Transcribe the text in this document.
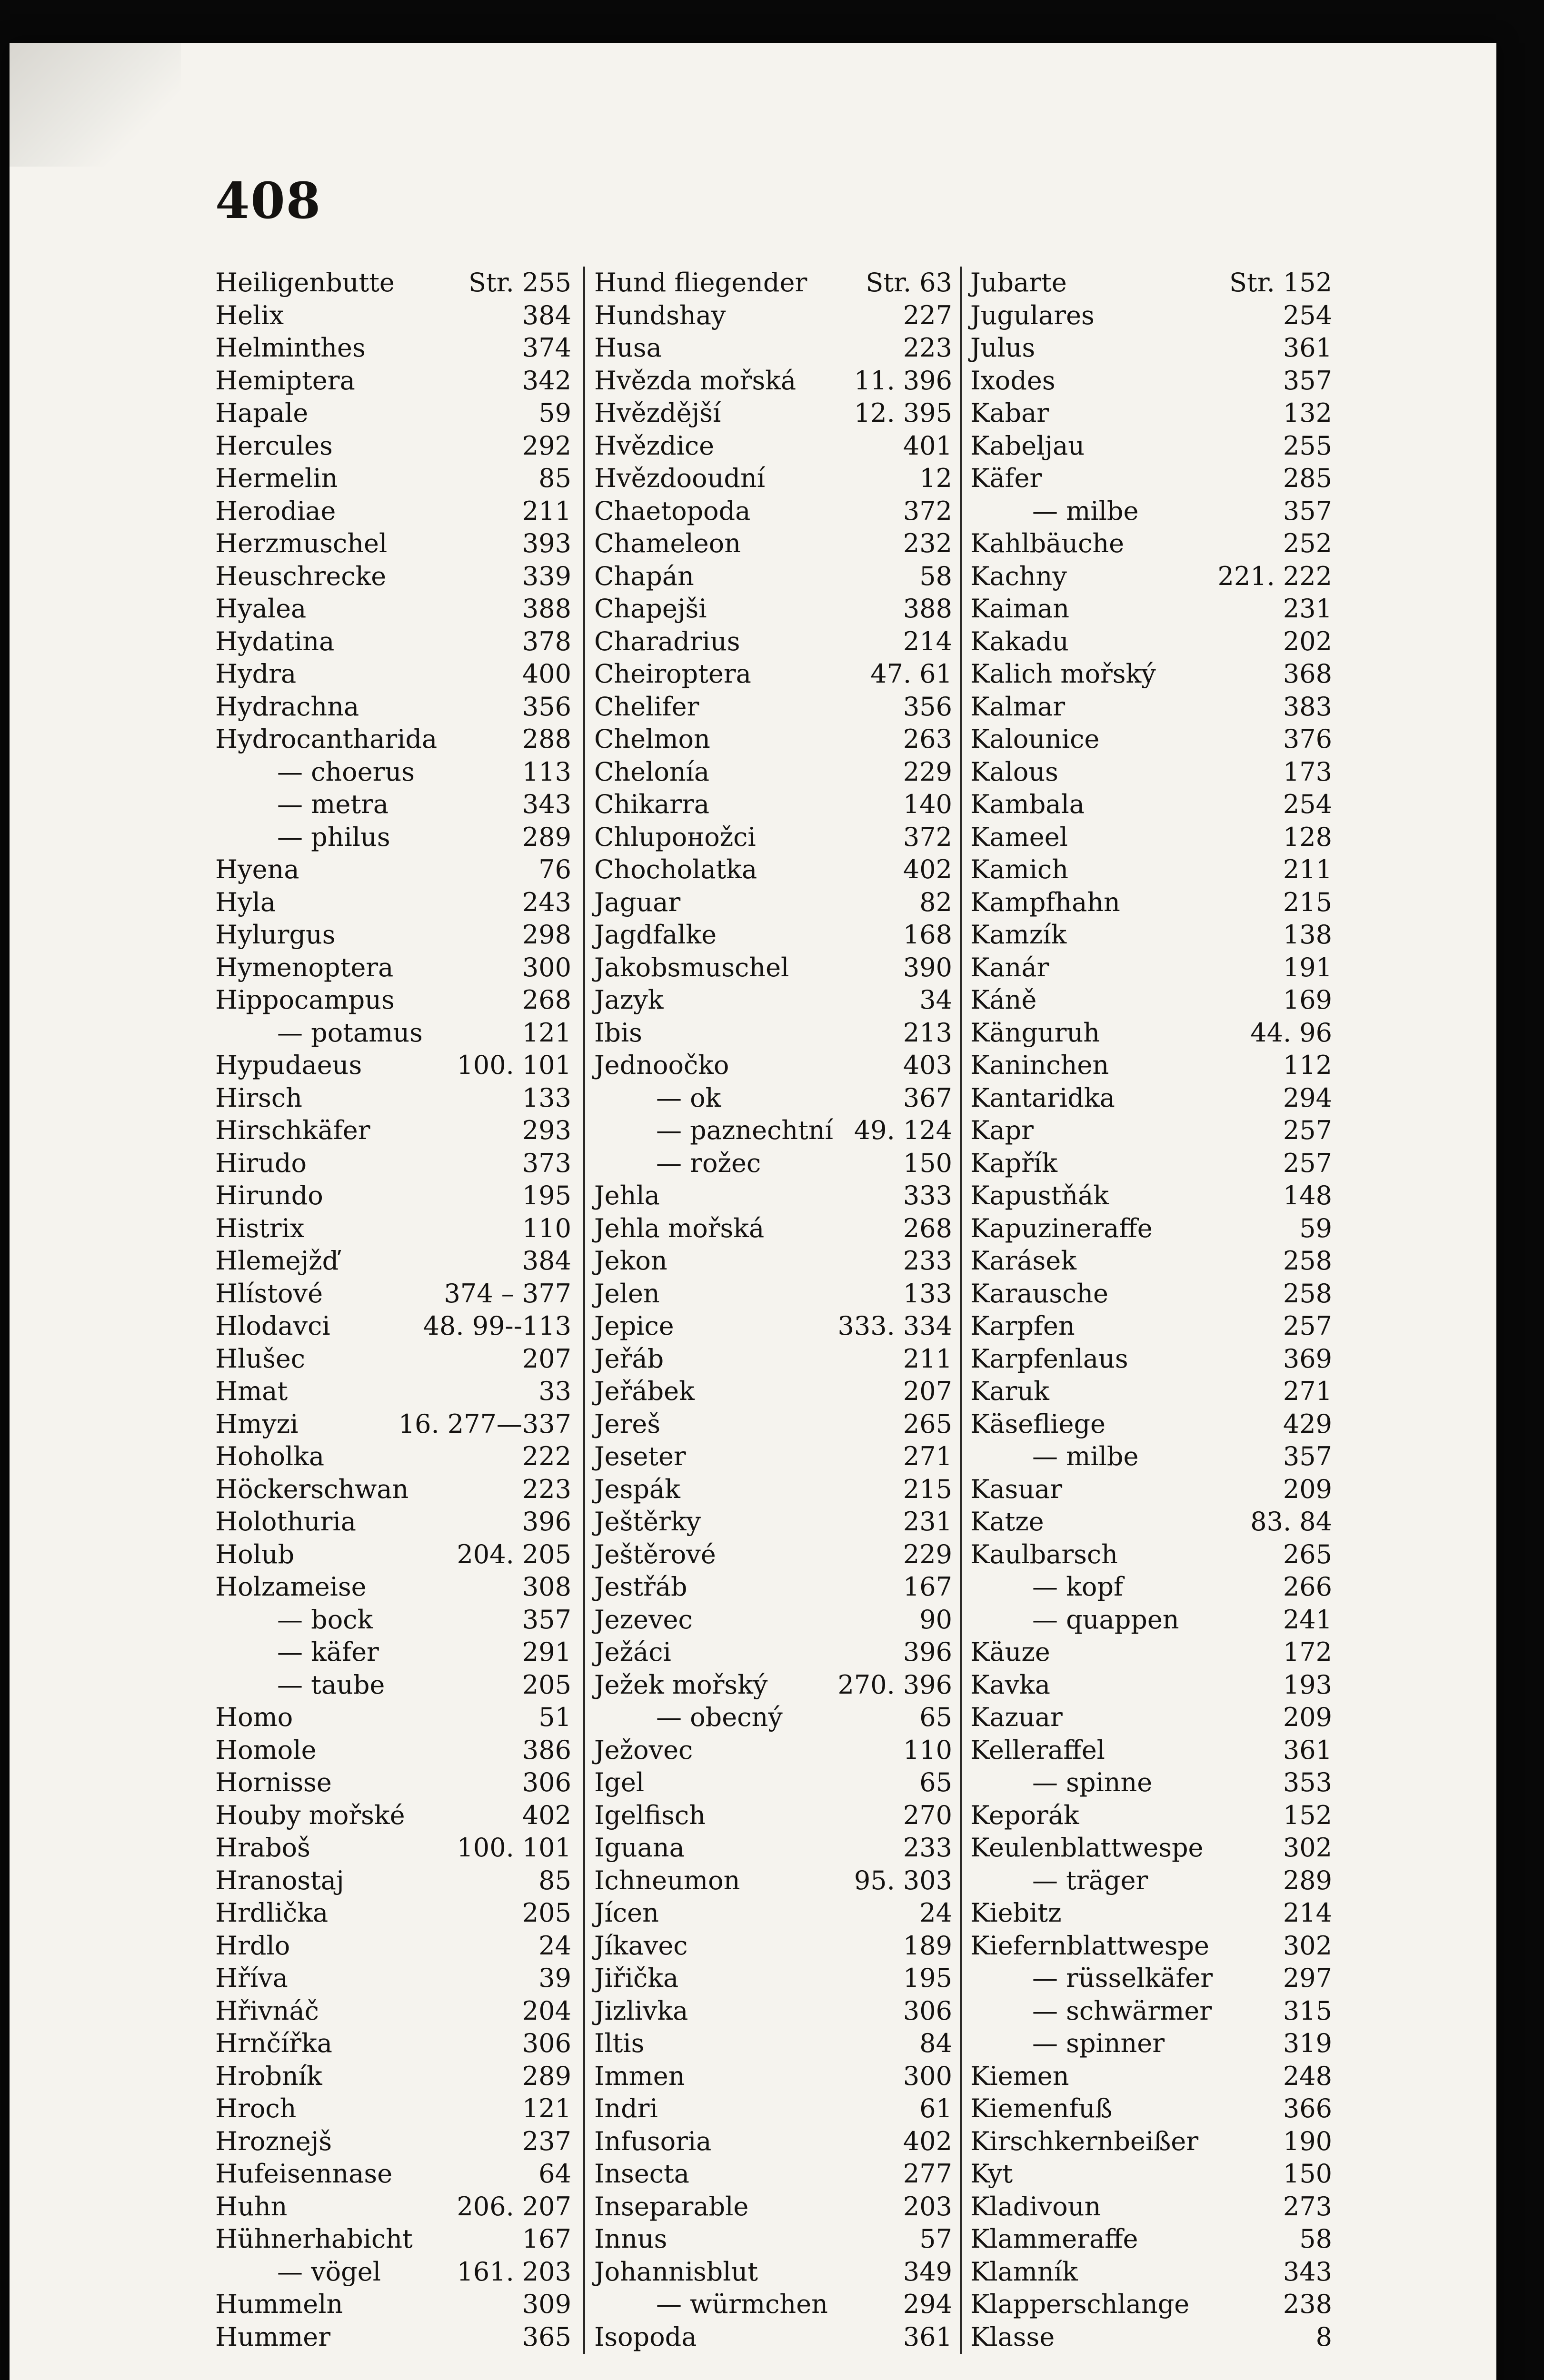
408
Heiligenbutte	Str. 255
Helix	384
Helminthes	374
Hemiptera	342
Hapale	59
Hercules	292
Hermelin	85
Herodiae	211
Herzmuschel	393
Heuschrecke	339
Hyalea	388
Hydatina	378
Hydra	400
Hydrachna	356
Hydrocantharida	288
— choerus	113
— metra	343
— philus	289
Hyena	76
Hyla	243
Hylurgus	298
Hymenoptera	300
Hippocampus	268
— potamus	121
Hypudaeus	100. 101
Hirsch	133
Hirschkäfer	293
Hirudo	373
Hirundo	195
Histrix	110
Hlemejžď	384
Hlístové	374 – 377
Hlodavci	48. 99--113
Hlušec	207
Hmat	33
Hmyzi	16. 277—337
Hoholka	222
Höckerschwan	223
Holothuria	396
Holub	204. 205
Holzameise	308
— bock	357
— käfer	291
— taube	205
Homo	51
Homole	386
Hornisse	306
Houby mořské	402
Hraboš	100. 101
Hranostaj	85
Hrdlička	205
Hrdlo	24
Hříva	39
Hřivnáč	204
Hrnčířka	306
Hrobník	289
Hroch	121
Hroznejš	237
Hufeisennase	64
Huhn	206. 207
Hühnerhabicht	167
— vögel	161. 203
Hummeln	309
Hummer	365
Hund fliegender Str. 63
Hundshay	227
Husa	223
Hvězda mořská 11. 396
Hvězdější	12. 395
Hvězdice	401
Hvězdooudní	12
Chaetopoda	372
Chameleon	232
Chapán	58
Chapejši	388
Charadrius	214
Cheiroptera	47. 61
Chelifer	356
Chelmon	263
Chelonía	229
Chikarra	140
Chlupонožci	372
Chocholatka	402
Jaguar	82
Jagdfalke	168
Jakobsmuschel	390
Jazyk	34
Ibis	213
Jednoočko	403
— ok	367
— paznechtní 49. 124
— rožec	150
Jehla	333
Jehla mořská	268
Jekon	233
Jelen	133
Jepice	333. 334
Jeřáb	211
Jeřábek	207
Jereš	265
Jeseter	271
Jespák	215
Ještěrky	231
Ještěrové	229
Jestřáb	167
Jezevec	90
Ježáci	396
Ježek mořský	270. 396
— obecný	65
Ježovec	110
Igel	65
Igelfisch	270
Iguana	233
Ichneumon	95. 303
Jícen	24
Jíkavec	189
Jiřička	195
Jizlivka	306
Iltis	84
Immen	300
Indri	61
Infusoria	402
Insecta	277
Inseparable	203
Innus	57
Johannisblut	349
— würmchen	294
Isopoda	361
Jubarte	Str. 152
Jugulares	254
Julus	361
Ixodes	357
Kabar	132
Kabeljau	255
Käfer	285
— milbe	357
Kahlbäuche	252
Kachny	221. 222
Kaiman	231
Kakadu	202
Kalich mořský	368
Kalmar	383
Kalounice	376
Kalous	173
Kambala	254
Kameel	128
Kamich	211
Kampfhahn	215
Kamzík	138
Kanár	191
Káně	169
Känguruh	44. 96
Kaninchen	112
Kantaridka	294
Kapr	257
Kapřík	257
Kapustňák	148
Kapuzineraffe	59
Karásek	258
Karausche	258
Karpfen	257
Karpfenlaus	369
Karuk	271
Käsefliege	429
— milbe	357
Kasuar	209
Katze	83. 84
Kaulbarsch	265
— kopf	266
— quappen	241
Käuze	172
Kavka	193
Kazuar	209
Kelleraffel	361
— spinne	353
Keporák	152
Keulenblattwespe	302
— träger	289
Kiebitz	214
Kiefernblattwespe	302
— rüsselkäfer	297
— schwärmer	315
— spinner	319
Kiemen	248
Kiemenfuß	366
Kirschkernbeißer	190
Kyt	150
Kladivoun	273
Klammeraffe	58
Klamník	343
Klapperschlange	238
Klasse	8
